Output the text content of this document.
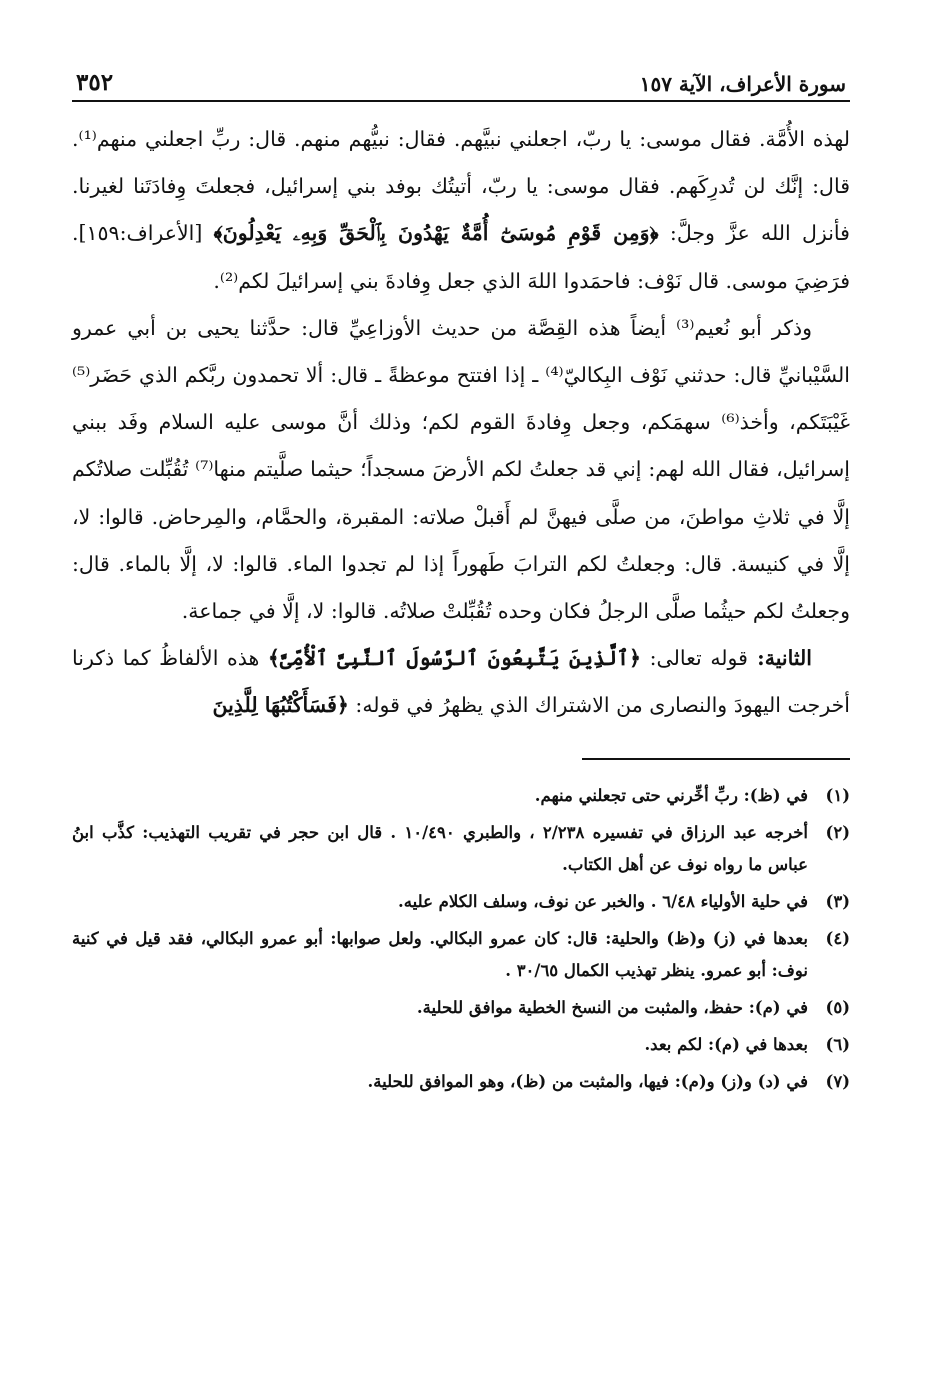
سورة الأعراف، الآية ١٥٧
٣٥٢

لهذه الأُمَّة. فقال موسى: يا ربّ، اجعلني نبيَّهم. فقال: نبيُّهم منهم. قال: ربِّ اجعلني منهم⁽¹⁾. قال: إنَّك لن تُدرِكَهم. فقال موسى: يا ربّ، أتيتُك بوفد بني إسرائيل، فجعلتَ وِفادَتَنا لغيرنا. فأنزل الله عزَّ وجلَّ: ﴿وَمِن قَوْمِ مُوسَىٰٓ أُمَّةٌ يَهْدُونَ بِٱلْحَقِّ وَبِهِۦ يَعْدِلُونَ﴾ [الأعراف:١٥٩]. فرَضِيَ موسى. قال نَوْف: فاحمَدوا اللهَ الذي جعل وِفادةَ بني إسرائيلَ لكم⁽²⁾.

وذكر أبو نُعيم⁽³⁾ أيضاً هذه القِصَّة من حديث الأوزاعِيِّ قال: حدَّثنا يحيى بن أبي عمرو السَّيْبانيِّ قال: حدثني نَوْف البِكاليّ⁽⁴⁾ ـ إذا افتتح موعظةً ـ قال: ألا تحمدون ربَّكم الذي حَضَر⁽⁵⁾ غَيْبَتَكم، وأخذ⁽⁶⁾ سهمَكم، وجعل وِفادةَ القوم لكم؛ وذلك أنَّ موسى عليه السلام وفَد ببني إسرائيل، فقال الله لهم: إني قد جعلتُ لكم الأرضَ مسجداً؛ حيثما صلَّيتم منها⁽⁷⁾ تُقُبِّلت صلاتُكم إلَّا في ثلاثِ مواطنَ، من صلَّى فيهنَّ لم أَقبلْ صلاته: المقبرة، والحمَّام، والمِرحاض. قالوا: لا، إلَّا في كنيسة. قال: وجعلتُ لكم الترابَ طَهوراً إذا لم تجدوا الماء. قالوا: لا، إلَّا بالماء. قال: وجعلتُ لكم حيثُما صلَّى الرجلُ فكان وحده تُقُبِّلتْ صلاتُه. قالوا: لا، إلَّا في جماعة.

الثانية: قوله تعالى: ﴿ٱلَّذِينَ يَتَّبِعُونَ ٱلرَّسُولَ ٱلنَّبِىَّ ٱلْأُمِّىَّ﴾ هذه الألفاظُ كما ذكرنا أخرجت اليهودَ والنصارى من الاشتراك الذي يظهرُ في قوله: ﴿فَسَأَكْتُبُهَا لِلَّذِينَ

(١)
في (ظ): ربِّ أخِّرني حتى تجعلني منهم.
(٢)
أخرجه عبد الرزاق في تفسيره ٢/٢٣٨ ، والطبري ١٠/٤٩٠ . قال ابن حجر في تقريب التهذيب: كذَّب ابنُ عباس ما رواه نوف عن أهل الكتاب.
(٣)
في حلية الأولياء ٦/٤٨ . والخبر عن نوف، وسلف الكلام عليه.
(٤)
بعدها في (ز) و(ظ) والحلية: قال: كان عمرو البكالي. ولعل صوابها: أبو عمرو البكالي، فقد قيل في كنية نوف: أبو عمرو. ينظر تهذيب الكمال ٣٠/٦٥ .
(٥)
في (م): حفظ، والمثبت من النسخ الخطية موافق للحلية.
(٦)
بعدها في (م): لكم بعد.
(٧)
في (د) و(ز) و(م): فيها، والمثبت من (ظ)، وهو الموافق للحلية.
